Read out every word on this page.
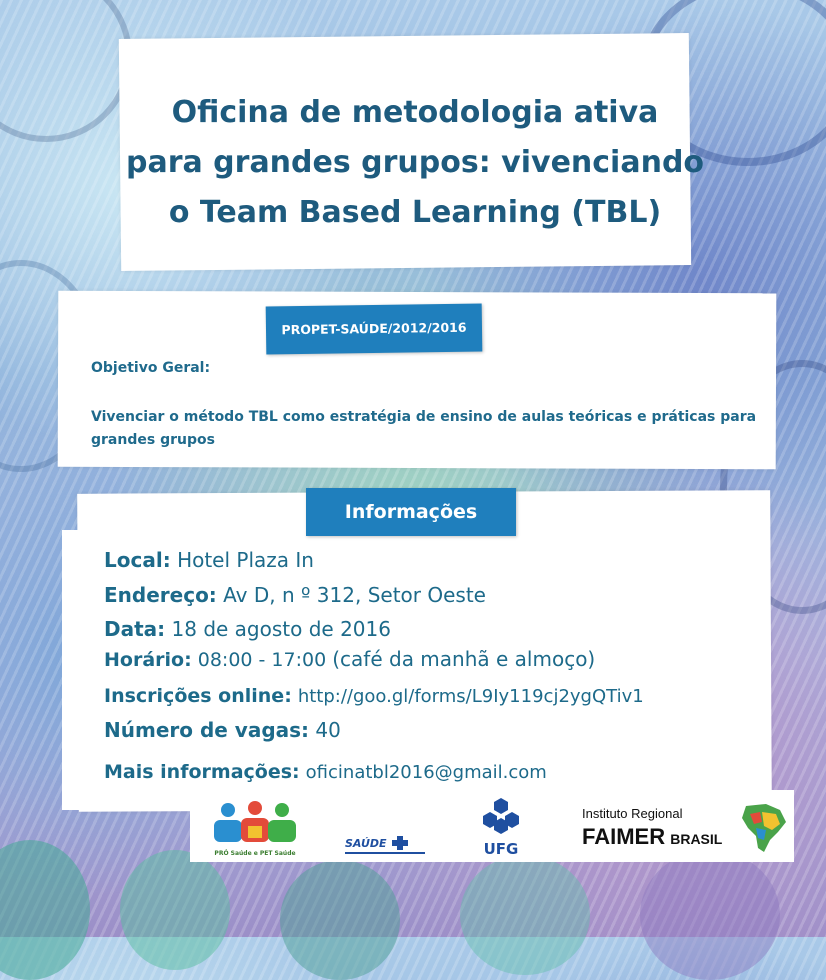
Oficina de metodologia ativa
para grandes grupos: vivenciando
o Team Based Learning (TBL)
PROPET-SAÚDE/2012/2016
Objetivo Geral:
Vivenciar o método TBL como estratégia de ensino de aulas teóricas e práticas para grandes grupos
Informações
Local: Hotel Plaza In
Endereço: Av D, n º 312, Setor Oeste
Data: 18 de agosto de 2016
Horário: 08:00 - 17:00 (café da manhã e almoço)
Inscrições online: http://goo.gl/forms/L9Iy119cj2ygQTiv1
Número de vagas: 40
Mais informações: oficinatbl2016@gmail.com
PRÓ Saúde e PET Saúde
SAÚDE	UFG
Instituto Regional
FAIMER BRASIL
